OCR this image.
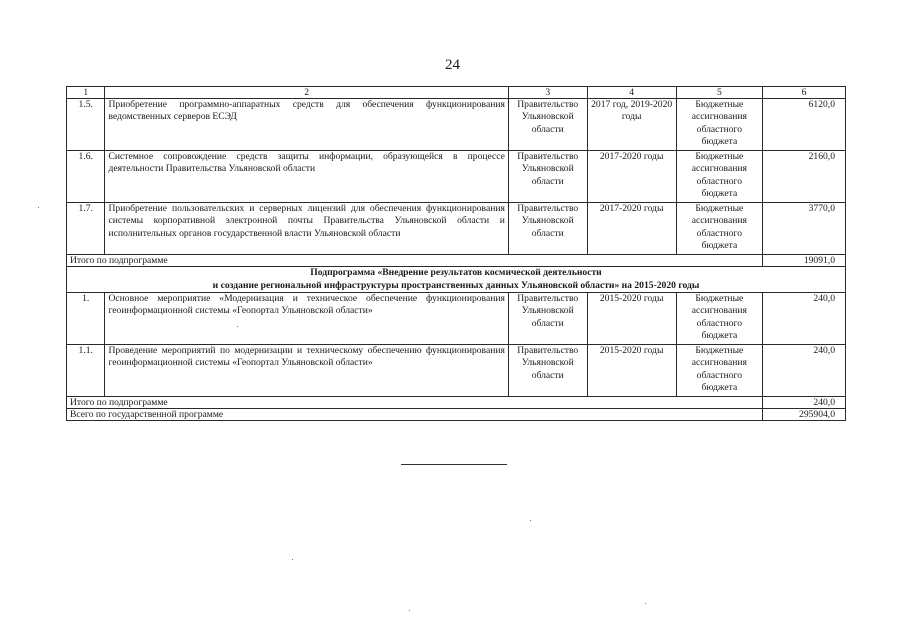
24
1	2	3	4	5	6
1.5.	Приобретение программно-аппаратных средств для обеспечения функционирования ведомственных серверов ЕСЭД	Правительство Ульяновской области	2017 год, 2019-2020 годы	Бюджетные ассигнования областного бюджета	6120,0
1.6.	Системное сопровождение средств защиты информации, образующейся в процессе деятельности Правительства Ульяновской области	Правительство Ульяновской области	2017-2020 годы	Бюджетные ассигнования областного бюджета	2160,0
1.7.	Приобретение пользовательских и серверных лицензий для обеспечения функционирования системы корпоративной электронной почты Правительства Ульяновской области и исполнительных органов государственной власти Ульяновской области	Правительство Ульяновской области	2017-2020 годы	Бюджетные ассигнования областного бюджета	3770,0
Итого по подпрограмме					19091,0

Подпрограмма «Внедрение результатов космической деятельности
и создание региональной инфраструктуры пространственных данных Ульяновской области» на 2015-2020 годы					

1.	Основное мероприятие «Модернизация и техническое обеспечение функционирования геоинформационной системы «Геопортал Ульяновской области»	Правительство Ульяновской области	2015-2020 годы	Бюджетные ассигнования областного бюджета	240,0
1.1.	Проведение мероприятий по модернизации и техническому обеспечению функционирования геоинформационной системы «Геопортал Ульяновской области»	Правительство Ульяновской области	2015-2020 годы	Бюджетные ассигнования областного бюджета	240,0
Итого по подпрограмме					240,0
Всего по государственной программе					295904,0
